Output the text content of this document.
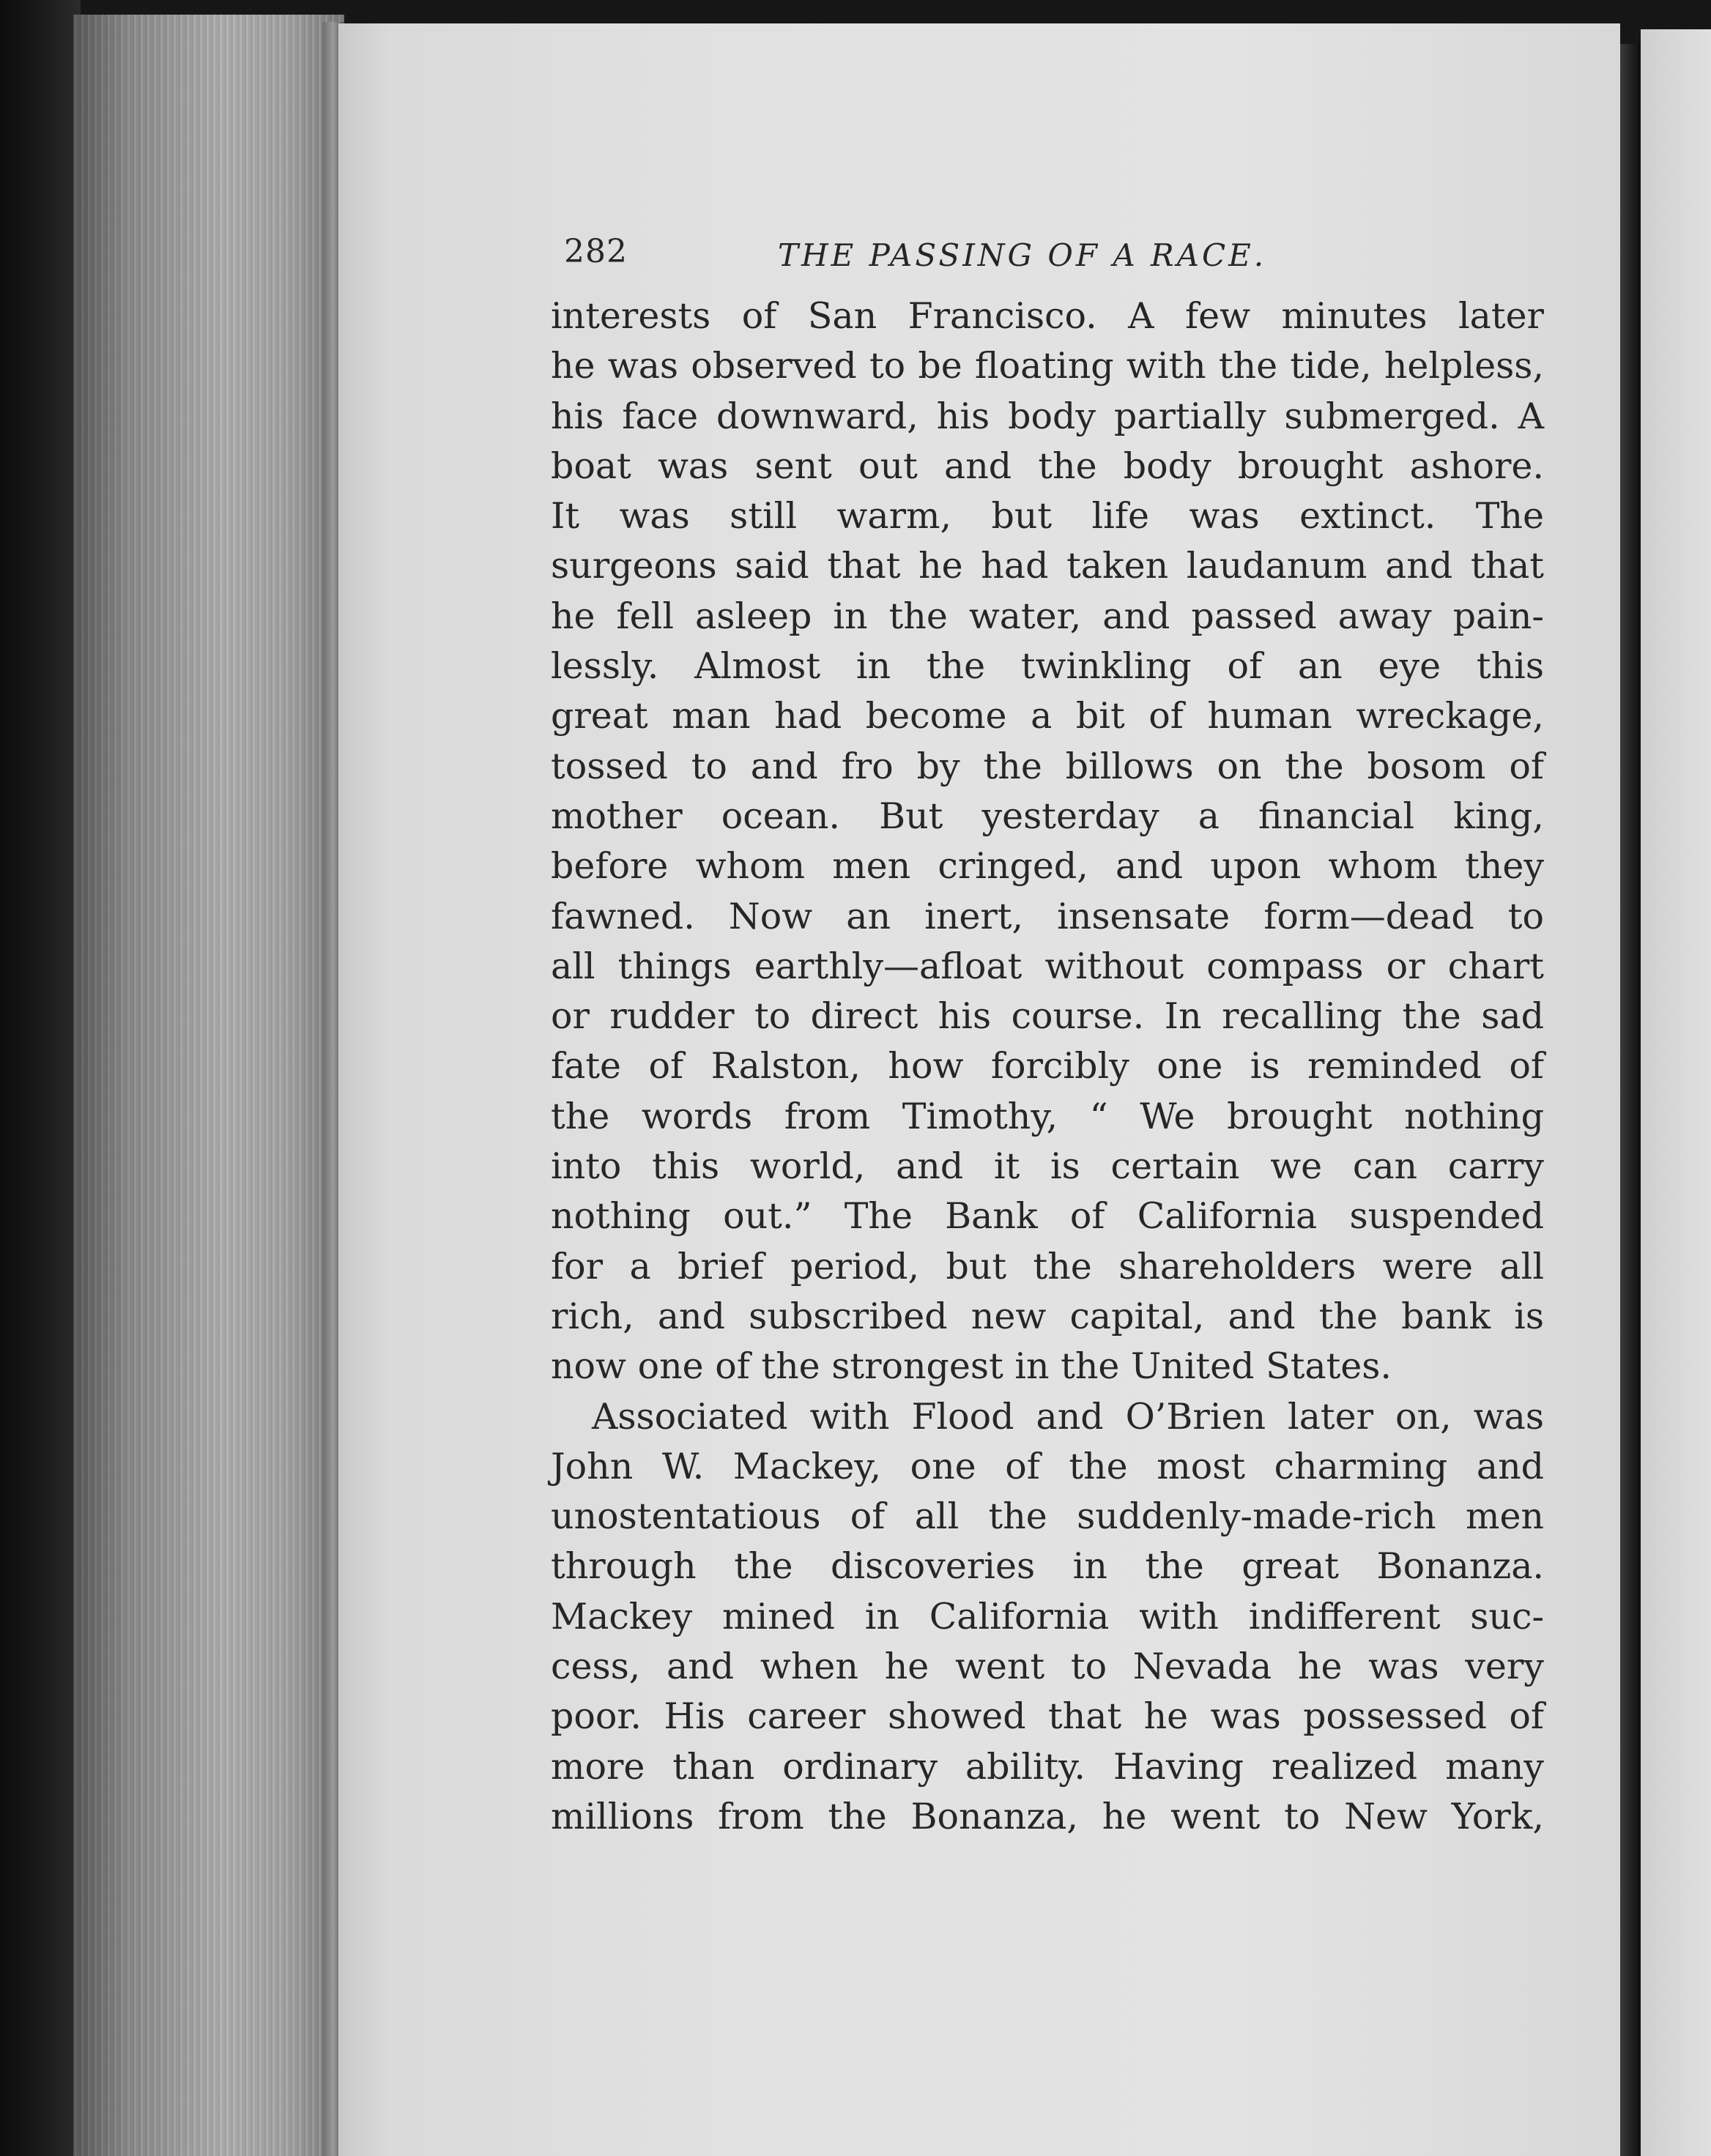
282	THE PASSING OF A RACE.
interests of San Francisco. A few minutes later
he was observed to be floating with the tide, helpless,
his face downward, his body partially submerged. A
boat was sent out and the body brought ashore.
It was still warm, but life was extinct. The
surgeons said that he had taken laudanum and that
he fell asleep in the water, and passed away pain-
lessly. Almost in the twinkling of an eye this
great man had become a bit of human wreckage,
tossed to and fro by the billows on the bosom of
mother ocean. But yesterday a financial king,
before whom men cringed, and upon whom they
fawned. Now an inert, insensate form—dead to
all things earthly—afloat without compass or chart
or rudder to direct his course. In recalling the sad
fate of Ralston, how forcibly one is reminded of
the words from Timothy, “ We brought nothing
into this world, and it is certain we can carry
nothing out.” The Bank of California suspended
for a brief period, but the shareholders were all
rich, and subscribed new capital, and the bank is
now one of the strongest in the United States.
Associated with Flood and O’Brien later on, was
John W. Mackey, one of the most charming and
unostentatious of all the suddenly-made-rich men
through the discoveries in the great Bonanza.
Mackey mined in California with indifferent suc-
cess, and when he went to Nevada he was very
poor. His career showed that he was possessed of
more than ordinary ability. Having realized many
millions from the Bonanza, he went to New York,
